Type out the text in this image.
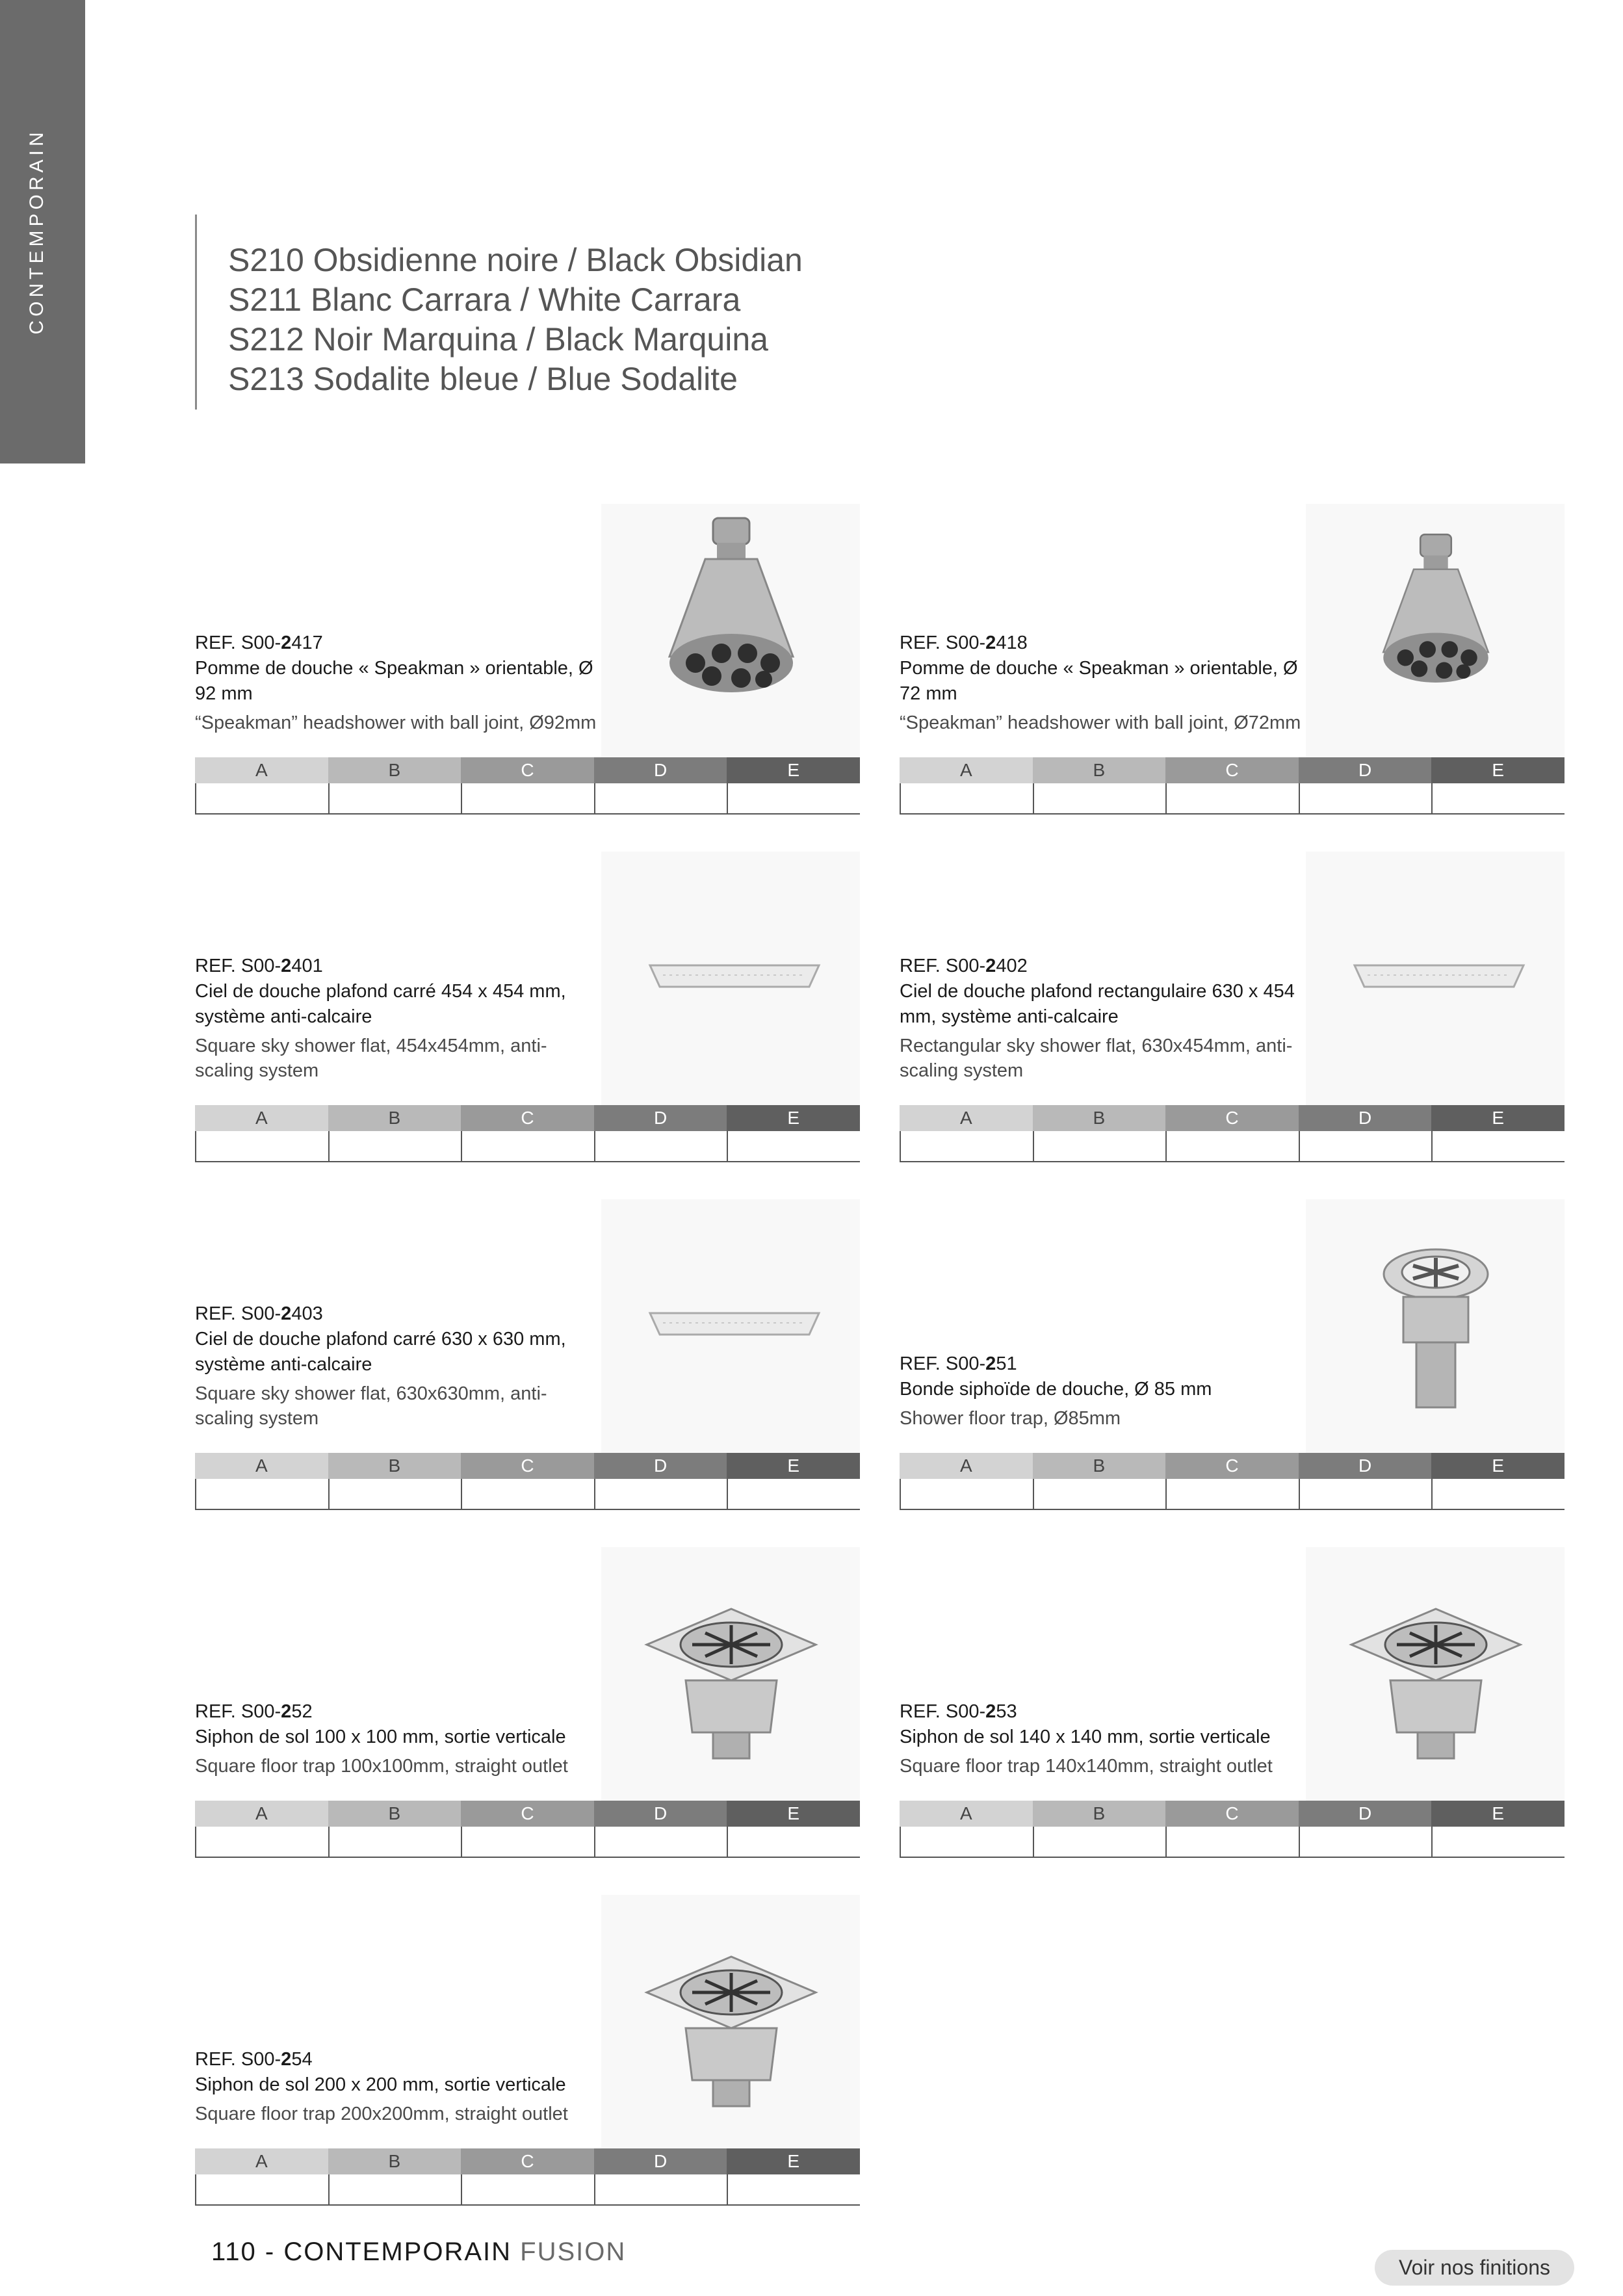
CONTEMPORAIN	S210 Obsidienne noire / Black Obsidian
S211 Blanc Carrara / White Carrara
S212 Noir Marquina / Black Marquina
S213 Sodalite bleue / Blue Sodalite
REF. S00-2417
Pomme de douche « Speakman » orientable, Ø 92 mm
“Speakman” headshower with ball joint, Ø92mm
A	B	C	D	E
REF. S00-2418
Pomme de douche « Speakman » orientable, Ø 72 mm
“Speakman” headshower with ball joint, Ø72mm
A	B	C	D	E
REF. S00-2401
Ciel de douche plafond carré 454 x 454 mm, système anti-calcaire
Square sky shower flat, 454x454mm, anti-scaling system
A	B	C	D	E
REF. S00-2402
Ciel de douche plafond rectangulaire 630 x 454 mm, système anti-calcaire
Rectangular sky shower flat, 630x454mm, anti-scaling system
A	B	C	D	E
REF. S00-2403
Ciel de douche plafond carré 630 x 630 mm, système anti-calcaire
Square sky shower flat, 630x630mm, anti-scaling system
A	B	C	D	E
REF. S00-251
Bonde siphoïde de douche, Ø 85 mm
Shower floor trap, Ø85mm
A	B	C	D	E
REF. S00-252
Siphon de sol 100 x 100 mm, sortie verticale
Square floor trap 100x100mm, straight outlet
A	B	C	D	E
REF. S00-253
Siphon de sol 140 x 140 mm, sortie verticale
Square floor trap 140x140mm, straight outlet
A	B	C	D	E
REF. S00-254
Siphon de sol 200 x 200 mm, sortie verticale
Square floor trap 200x200mm, straight outlet
A	B	C	D	E
110 - CONTEMPORAIN FUSION
Voir nos finitions
